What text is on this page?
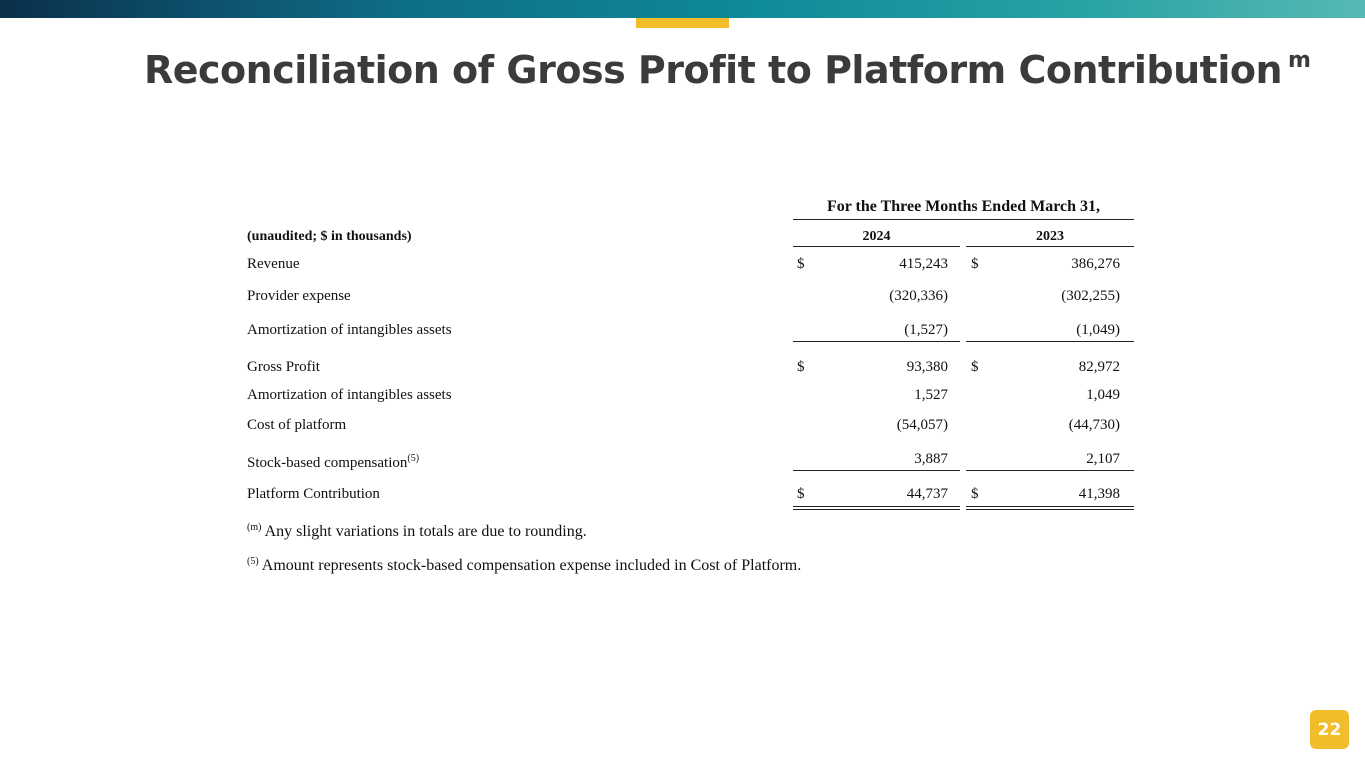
Reconciliation of Gross Profit to Platform Contribution $^m$
For the Three Months Ended March 31,
(unaudited; $ in thousands)	2024	2023
Revenue	$	415,243 $	386,276
Provider expense	(320,336)	(302,255)
Amortization of intangibles assets	(1,527)	(1,049)
Gross Profit	$	93,380 $	82,972
Amortization of intangibles assets	1,527	1,049
Cost of platform	(54,057)	(44,730)
Stock-based compensation$^{(5)}$	3,887	2,107
Platform Contribution	$	44,737 $	41,398
$^{(m)}$ Any slight variations in totals are due to rounding.
$^{(5)}$ Amount represents stock-based compensation expense included in Cost of Platform.
22
